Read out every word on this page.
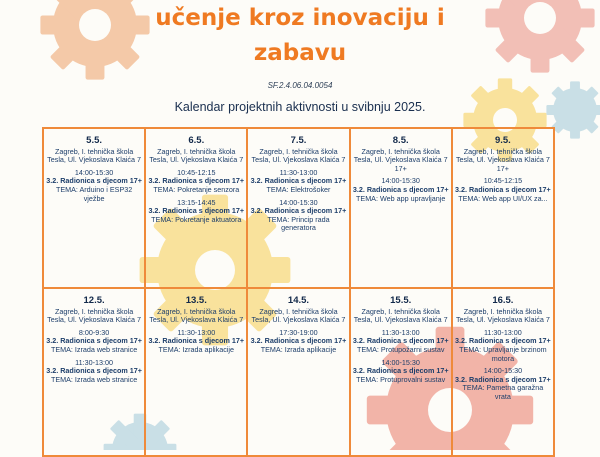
učenje kroz inovaciju i
zabavu
SF.2.4.06.04.0054
Kalendar projektnih aktivnosti u svibnju 2025.
5.5.
Zagreb, I. tehnička škola Tesla, Ul. Vjekoslava Klaića 7
14:00-15:30
3.2. Radionica s djecom 17+
TEMA: Arduino i ESP32 vježbe
6.5.
Zagreb, I. tehnička škola Tesla, Ul. Vjekoslava Klaića 7
10:45-12:15
3.2. Radionica s djecom 17+
TEMA: Pokretanje senzora
13:15-14:45
3.2. Radionica s djecom 17+
TEMA: Pokretanje aktuatora
7.5.
Zagreb, I. tehnička škola Tesla, Ul. Vjekoslava Klaića 7
11:30-13:00
3.2. Radionica s djecom 17+
TEMA: Elektrošoker
14:00-15:30
3.2. Radionica s djecom 17+
TEMA: Princip rada generatora
8.5.
Zagreb, I. tehnička škola Tesla, Ul. Vjekoslava Klaića 7 17+
14:00-15:30
3.2. Radionica s djecom 17+
TEMA: Web app upravljanje
9.5.
Zagreb, I. tehnička škola Tesla, Ul. Vjekoslava Klaića 7 17+
10:45-12:15
3.2. Radionica s djecom 17+
TEMA: Web app UI/UX za...
12.5.
Zagreb, I. tehnička škola Tesla, Ul. Vjekoslava Klaića 7
8:00-9:30
3.2. Radionica s djecom 17+
TEMA: Izrada web stranice
11:30-13:00
3.2. Radionica s djecom 17+
TEMA: Izrada web stranice
13.5.
Zagreb, I. tehnička škola Tesla, Ul. Vjekoslava Klaića 7
11:30-13:00
3.2. Radionica s djecom 17+
TEMA: Izrada aplikacije
14.5.
Zagreb, I. tehnička škola Tesla, Ul. Vjekoslava Klaića 7
17:30-19:00
3.2. Radionica s djecom 17+
TEMA: Izrada aplikacije
15.5.
Zagreb, I. tehnička škola Tesla, Ul. Vjekoslava Klaića 7
11:30-13:00
3.2. Radionica s djecom 17+
TEMA: Protupožarni sustav
14:00-15:30
3.2. Radionica s djecom 17+
TEMA: Protuprovalni sustav
16.5.
Zagreb, I. tehnička škola Tesla, Ul. Vjekoslava Klaića 7
11:30-13:00
3.2. Radionica s djecom 17+
TEMA: Upravljanje brzinom motora
14:00-15:30
3.2. Radionica s djecom 17+
TEMA: Pametna garažna vrata
